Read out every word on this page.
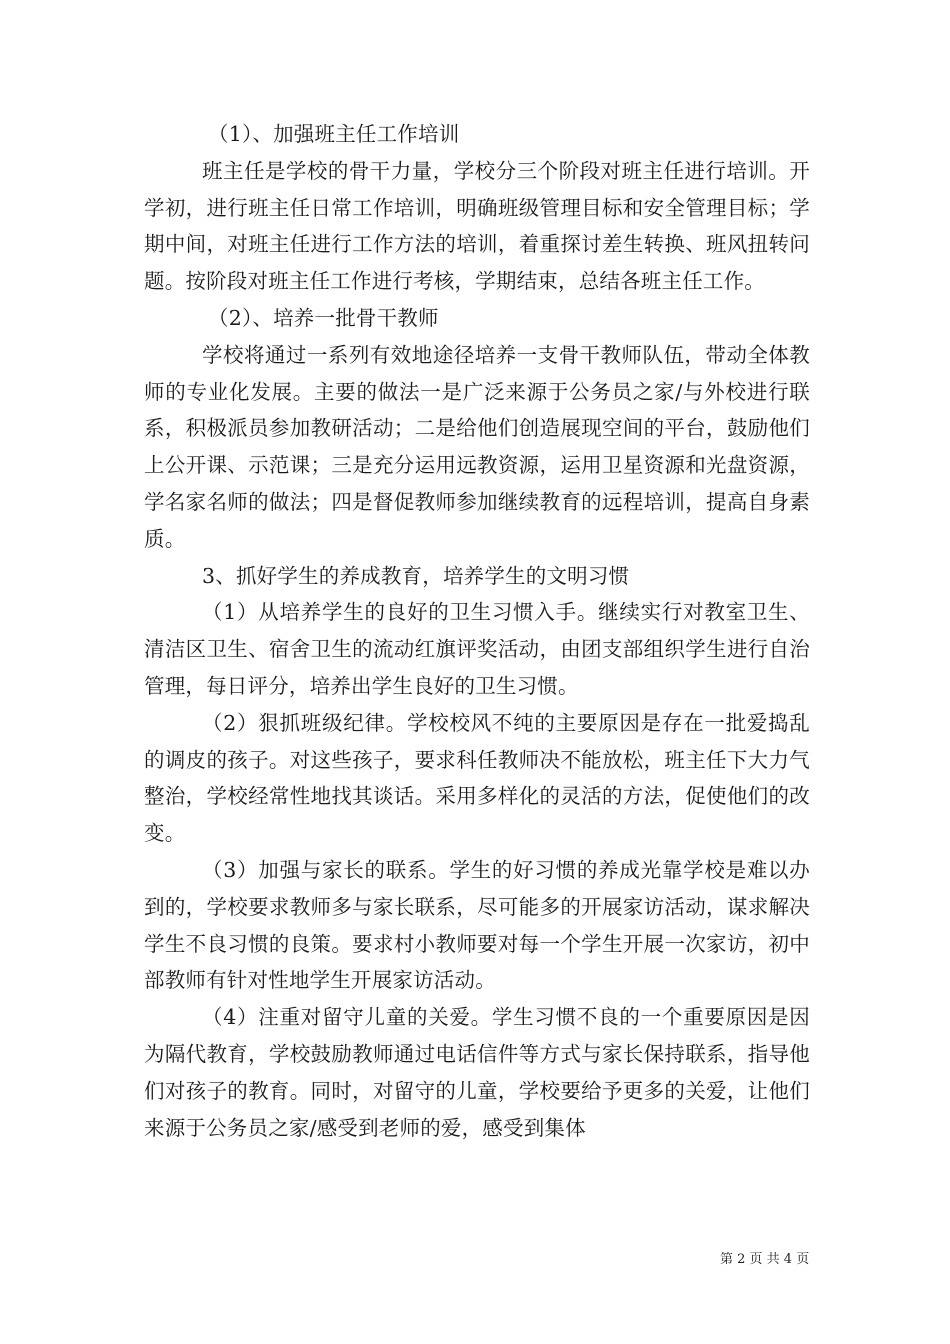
（1）、加强班主任工作培训

班主任是学校的骨干力量，学校分三个阶段对班主任进行培训。开学初，进行班主任日常工作培训，明确班级管理目标和安全管理目标；学期中间，对班主任进行工作方法的培训，着重探讨差生转换、班风扭转问题。按阶段对班主任工作进行考核，学期结束，总结各班主任工作。

（2）、培养一批骨干教师

学校将通过一系列有效地途径培养一支骨干教师队伍，带动全体教师的专业化发展。主要的做法一是广泛来源于公务员之家/与外校进行联系，积极派员参加教研活动；二是给他们创造展现空间的平台，鼓励他们上公开课、示范课；三是充分运用远教资源，运用卫星资源和光盘资源，学名家名师的做法；四是督促教师参加继续教育的远程培训，提高自身素质。

3、抓好学生的养成教育，培养学生的文明习惯

（1）从培养学生的良好的卫生习惯入手。继续实行对教室卫生、清洁区卫生、宿舍卫生的流动红旗评奖活动，由团支部组织学生进行自治管理，每日评分，培养出学生良好的卫生习惯。

（2）狠抓班级纪律。学校校风不纯的主要原因是存在一批爱捣乱的调皮的孩子。对这些孩子，要求科任教师决不能放松，班主任下大力气整治，学校经常性地找其谈话。采用多样化的灵活的方法，促使他们的改变。

（3）加强与家长的联系。学生的好习惯的养成光靠学校是难以办到的，学校要求教师多与家长联系，尽可能多的开展家访活动，谋求解决学生不良习惯的良策。要求村小教师要对每一个学生开展一次家访，初中部教师有针对性地学生开展家访活动。

（4）注重对留守儿童的关爱。学生习惯不良的一个重要原因是因为隔代教育，学校鼓励教师通过电话信件等方式与家长保持联系，指导他们对孩子的教育。同时，对留守的儿童，学校要给予更多的关爱，让他们来源于公务员之家/感受到老师的爱，感受到集体

第 2 页 共 4 页
